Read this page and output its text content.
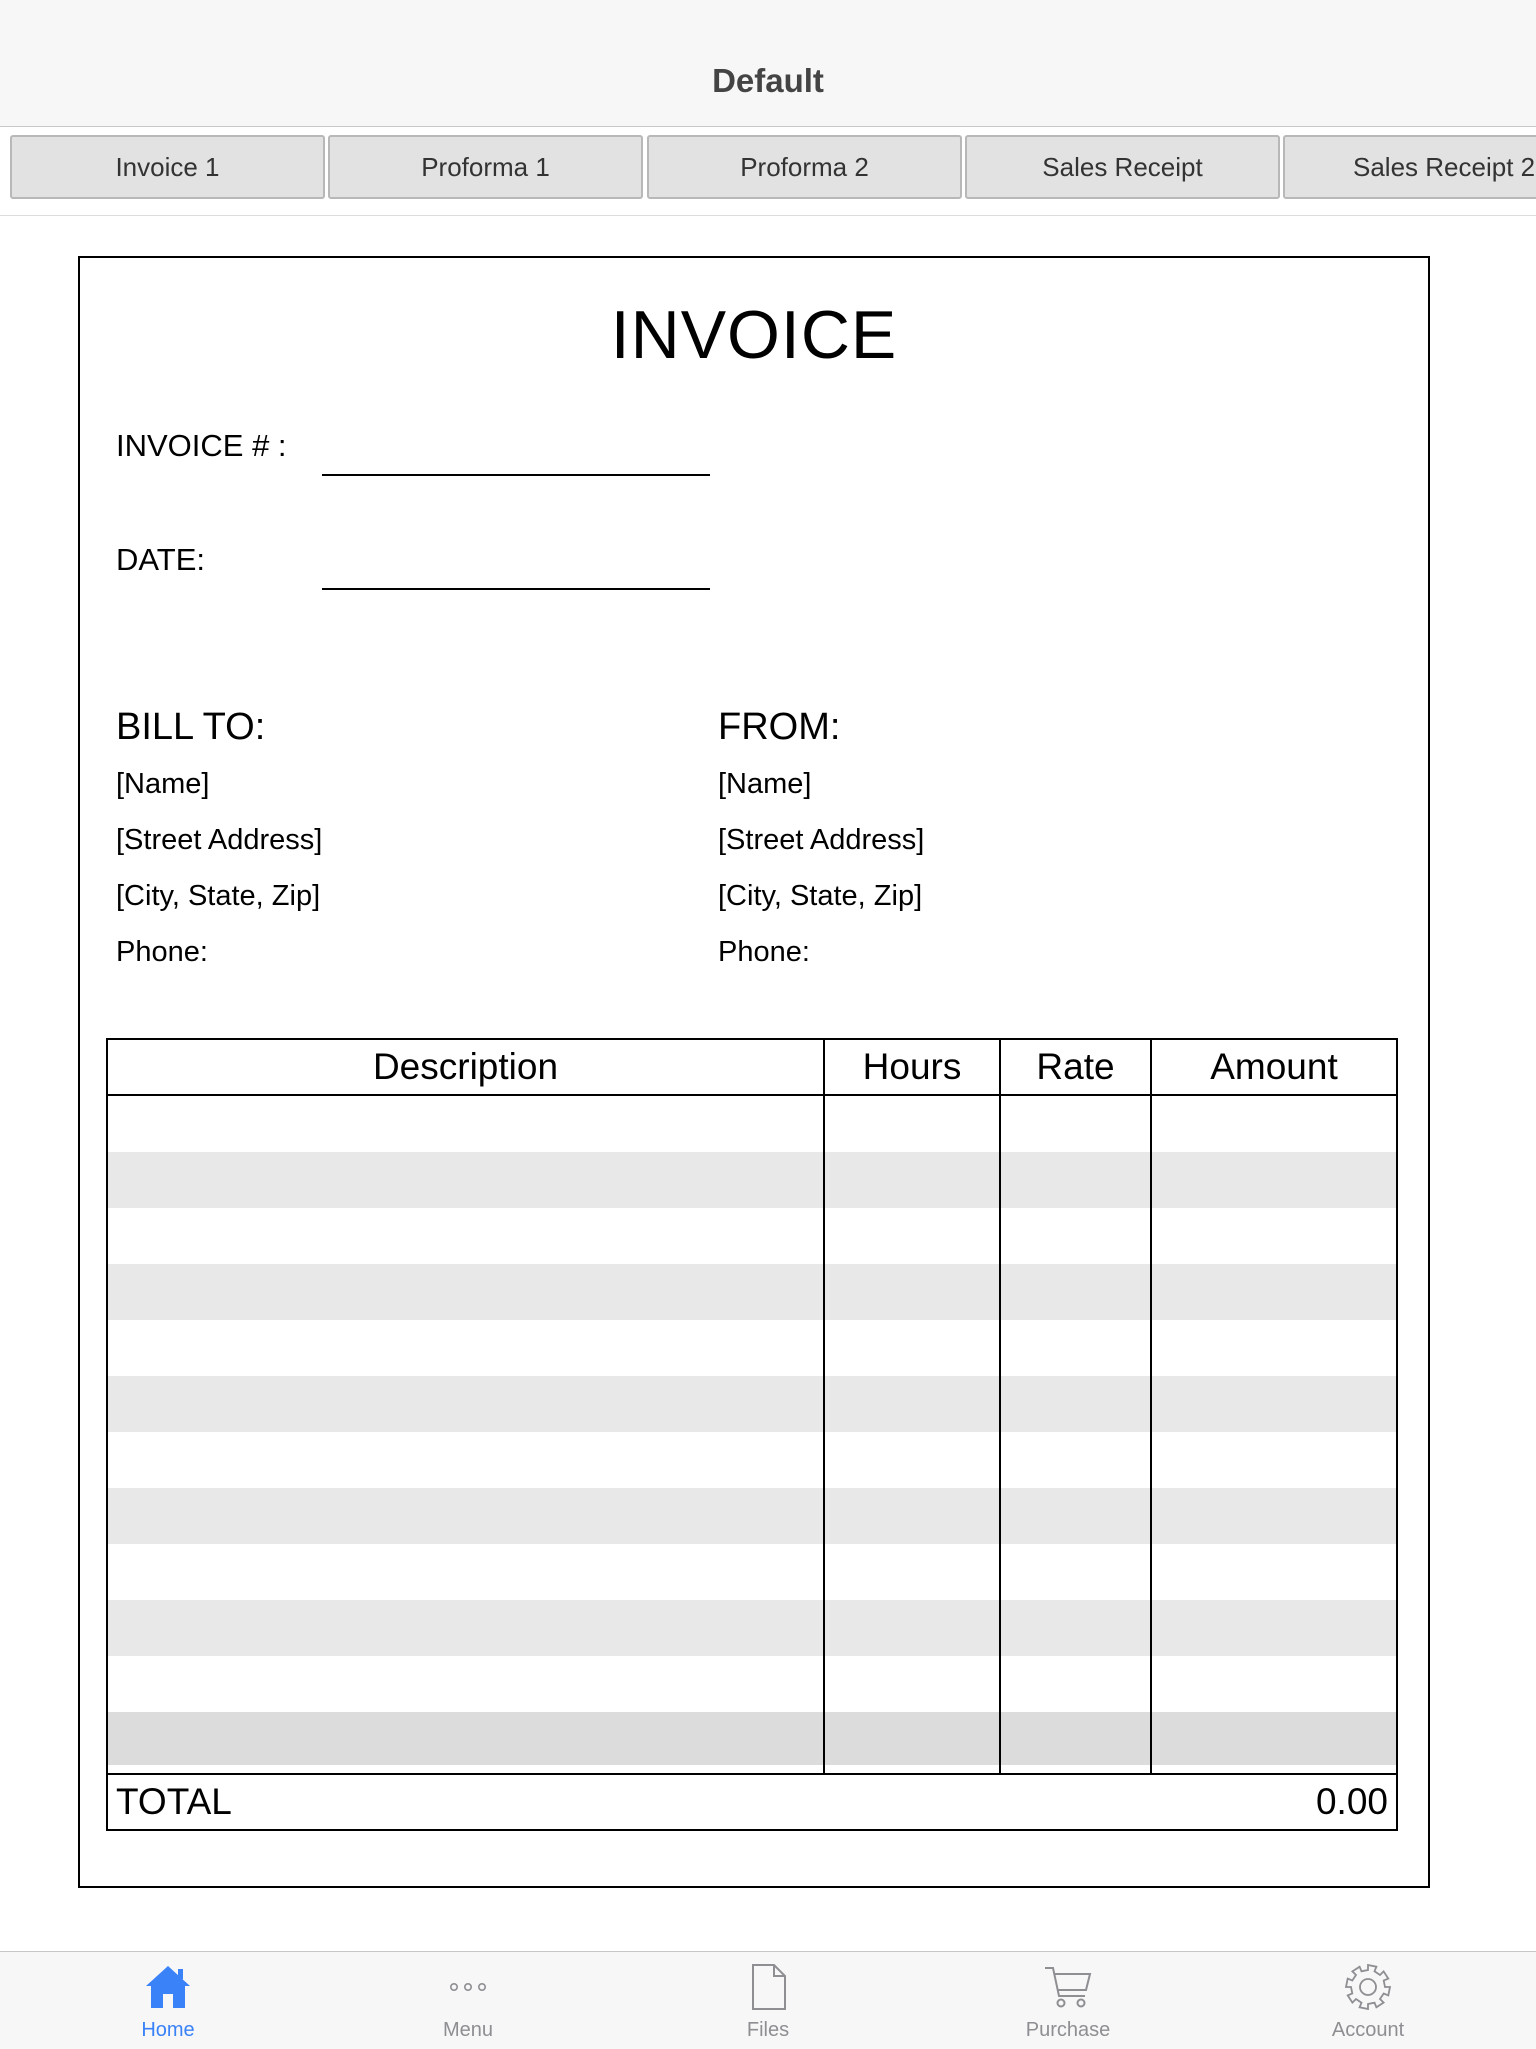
Default
Invoice 1	Proforma 1	Proforma 2	Sales Receipt	Sales Receipt 2
INVOICE
INVOICE # :
DATE:
BILL TO:
[Name]
[Street Address]
[City, State, Zip]
Phone:
FROM:
[Name]
[Street Address]
[City, State, Zip]
Phone:
Description	Hours	Rate	Amount
TOTAL	0.00
Home	Menu	Files	Purchase	Account
